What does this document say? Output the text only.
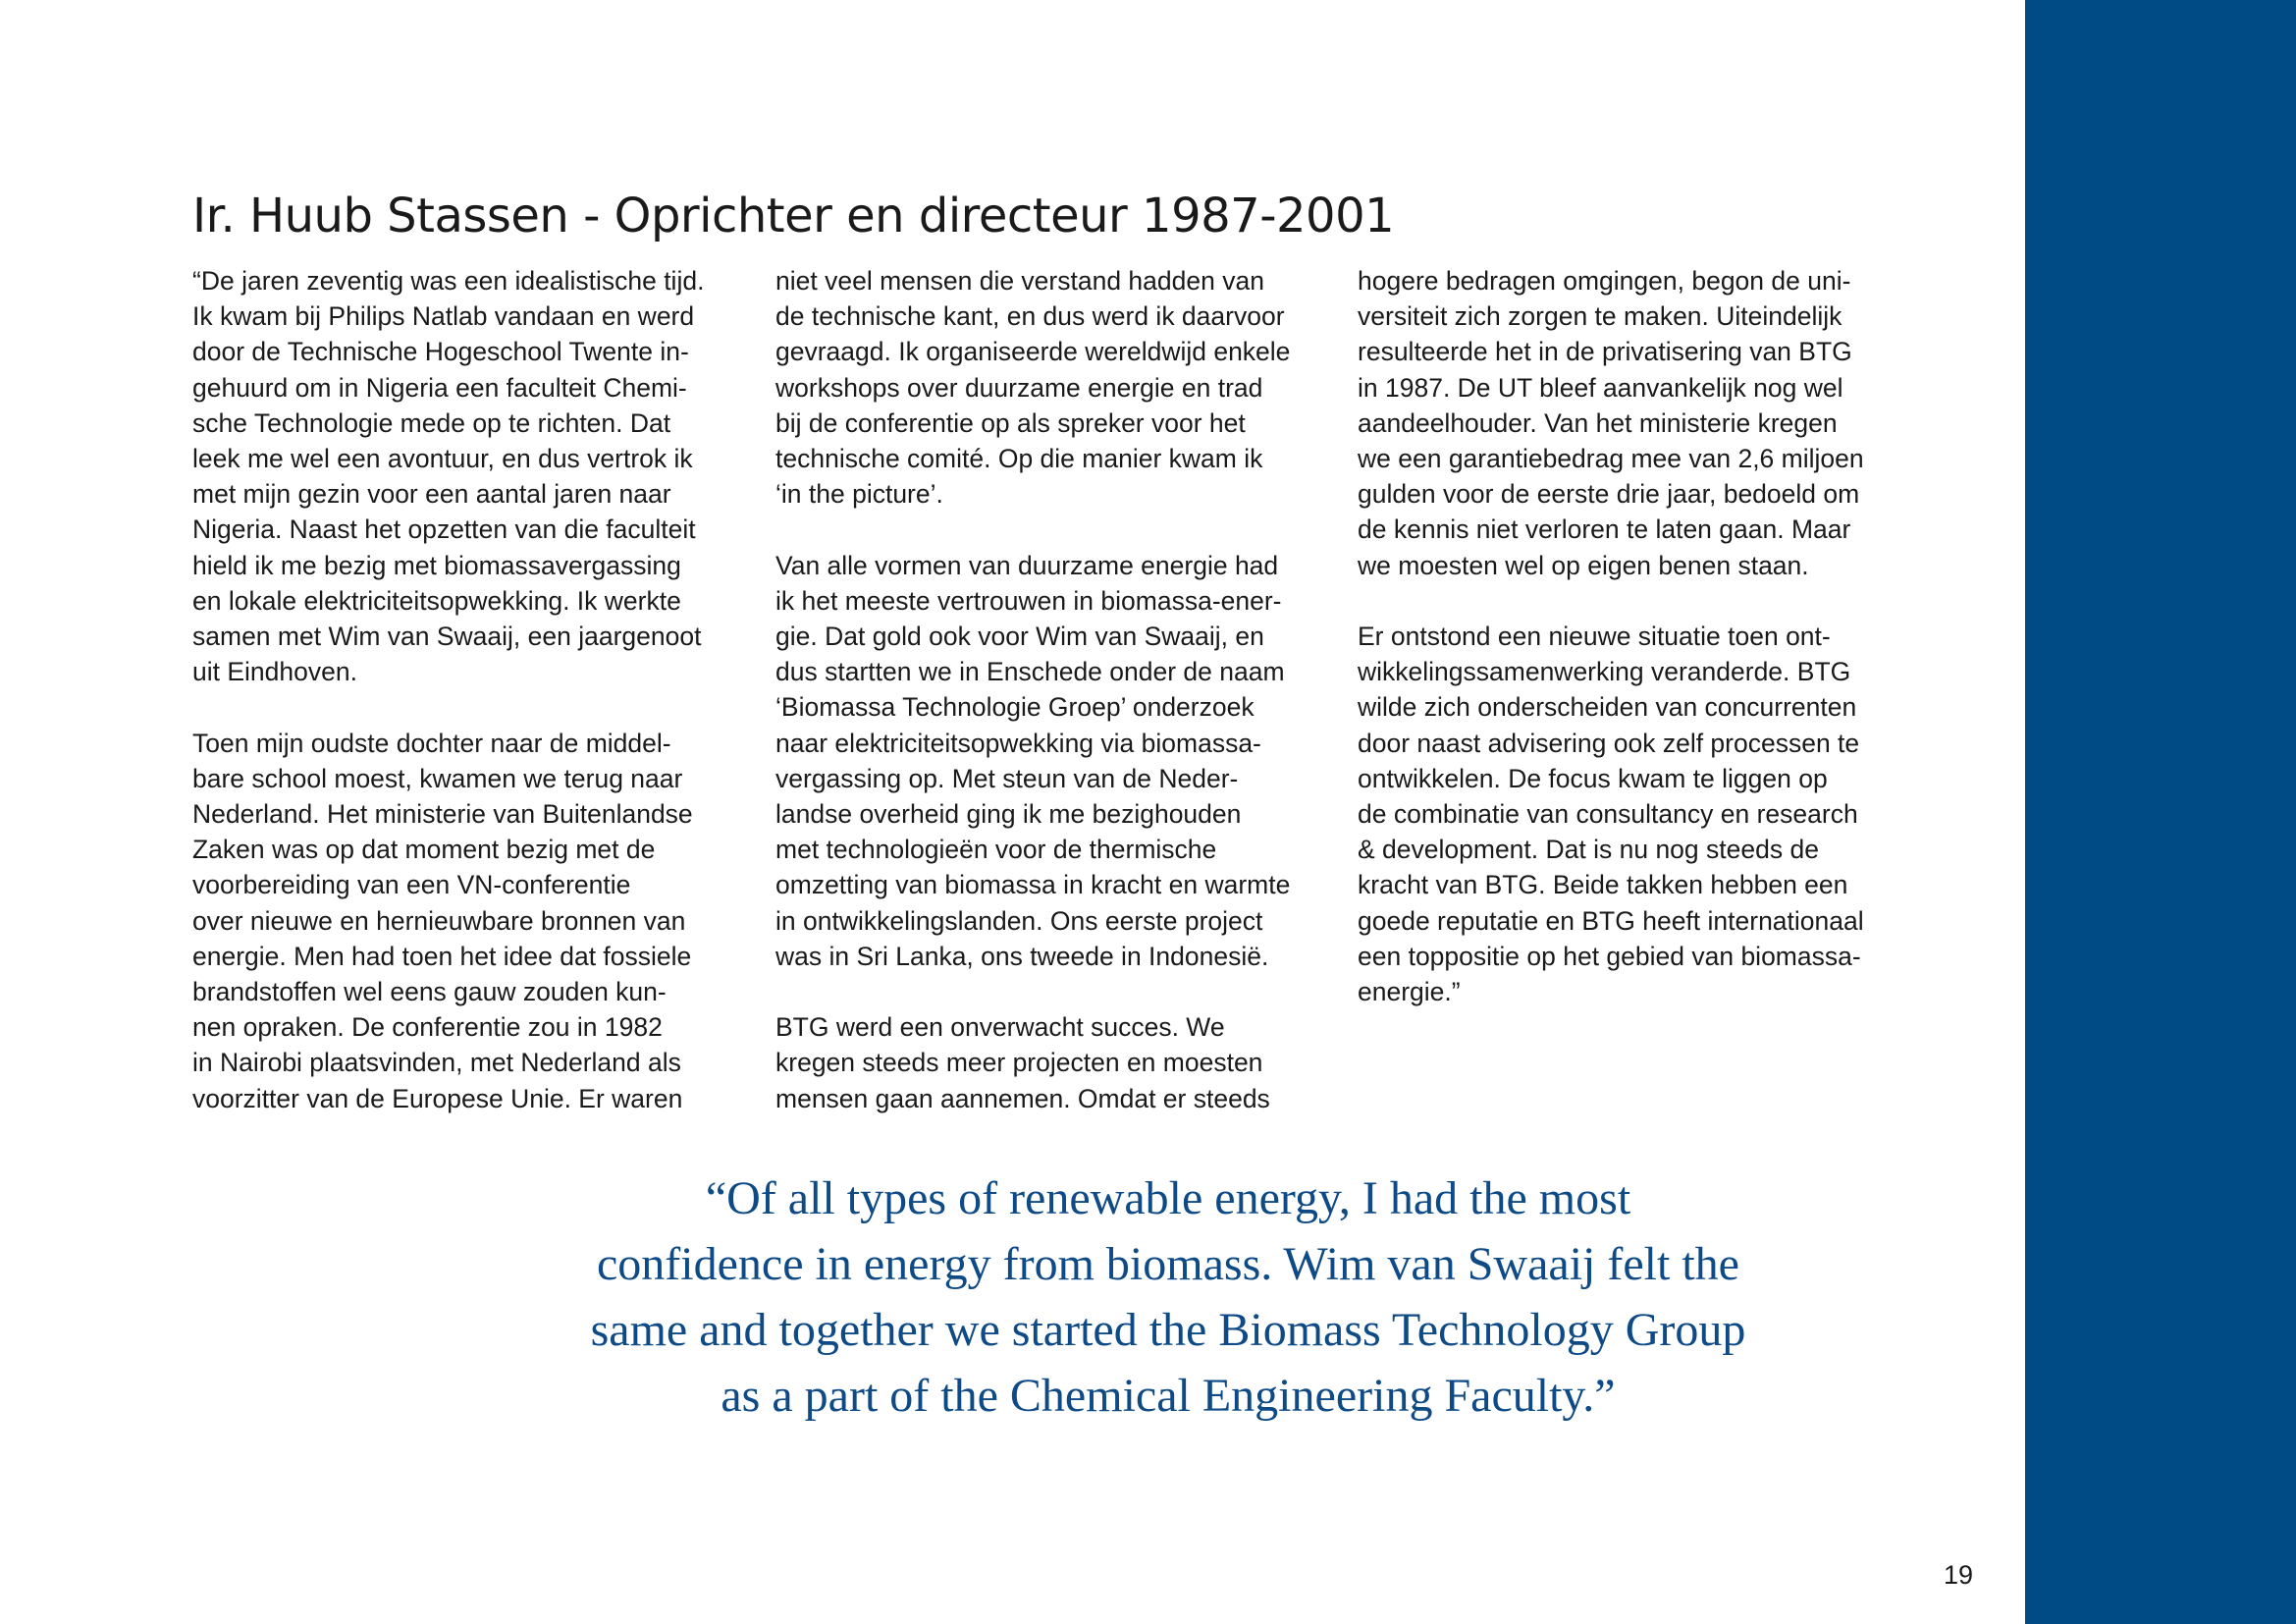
Ir. Huub Stassen - Oprichter en directeur 1987-2001

“De jaren zeventig was een idealistische tijd.
Ik kwam bij Philips Natlab vandaan en werd
door de Technische Hogeschool Twente in-
gehuurd om in Nigeria een faculteit Chemi-
sche Technologie mede op te richten. Dat
leek me wel een avontuur, en dus vertrok ik
met mijn gezin voor een aantal jaren naar
Nigeria. Naast het opzetten van die faculteit
hield ik me bezig met biomassavergassing
en lokale elektriciteitsopwekking. Ik werkte
samen met Wim van Swaaij, een jaargenoot
uit Eindhoven.

Toen mijn oudste dochter naar de middel-
bare school moest, kwamen we terug naar
Nederland. Het ministerie van Buitenlandse
Zaken was op dat moment bezig met de
voorbereiding van een VN-conferentie
over nieuwe en hernieuwbare bronnen van
energie. Men had toen het idee dat fossiele
brandstoffen wel eens gauw zouden kun-
nen opraken. De conferentie zou in 1982
in Nairobi plaatsvinden, met Nederland als
voorzitter van de Europese Unie. Er waren

niet veel mensen die verstand hadden van
de technische kant, en dus werd ik daarvoor
gevraagd. Ik organiseerde wereldwijd enkele
workshops over duurzame energie en trad
bij de conferentie op als spreker voor het
technische comité. Op die manier kwam ik
‘in the picture’.

Van alle vormen van duurzame energie had
ik het meeste vertrouwen in biomassa-ener-
gie. Dat gold ook voor Wim van Swaaij, en
dus startten we in Enschede onder de naam
‘Biomassa Technologie Groep’ onderzoek
naar elektriciteitsopwekking via biomassa-
vergassing op. Met steun van de Neder-
landse overheid ging ik me bezighouden
met technologieën voor de thermische
omzetting van biomassa in kracht en warmte
in ontwikkelingslanden. Ons eerste project
was in Sri Lanka, ons tweede in Indonesië.

BTG werd een onverwacht succes. We
kregen steeds meer projecten en moesten
mensen gaan aannemen. Omdat er steeds

hogere bedragen omgingen, begon de uni-
versiteit zich zorgen te maken. Uiteindelijk
resulteerde het in de privatisering van BTG
in 1987. De UT bleef aanvankelijk nog wel
aandeelhouder. Van het ministerie kregen
we een garantiebedrag mee van 2,6 miljoen
gulden voor de eerste drie jaar, bedoeld om
de kennis niet verloren te laten gaan. Maar
we moesten wel op eigen benen staan.

Er ontstond een nieuwe situatie toen ont-
wikkelingssamenwerking veranderde. BTG
wilde zich onderscheiden van concurrenten
door naast advisering ook zelf processen te
ontwikkelen. De focus kwam te liggen op
de combinatie van consultancy en research
& development. Dat is nu nog steeds de
kracht van BTG. Beide takken hebben een
goede reputatie en BTG heeft internationaal
een toppositie op het gebied van biomassa-
energie.”

“Of all types of renewable energy, I had the most
confidence in energy from biomass. Wim van Swaaij felt the
same and together we started the Biomass Technology Group
as a part of the Chemical Engineering Faculty.”

19
